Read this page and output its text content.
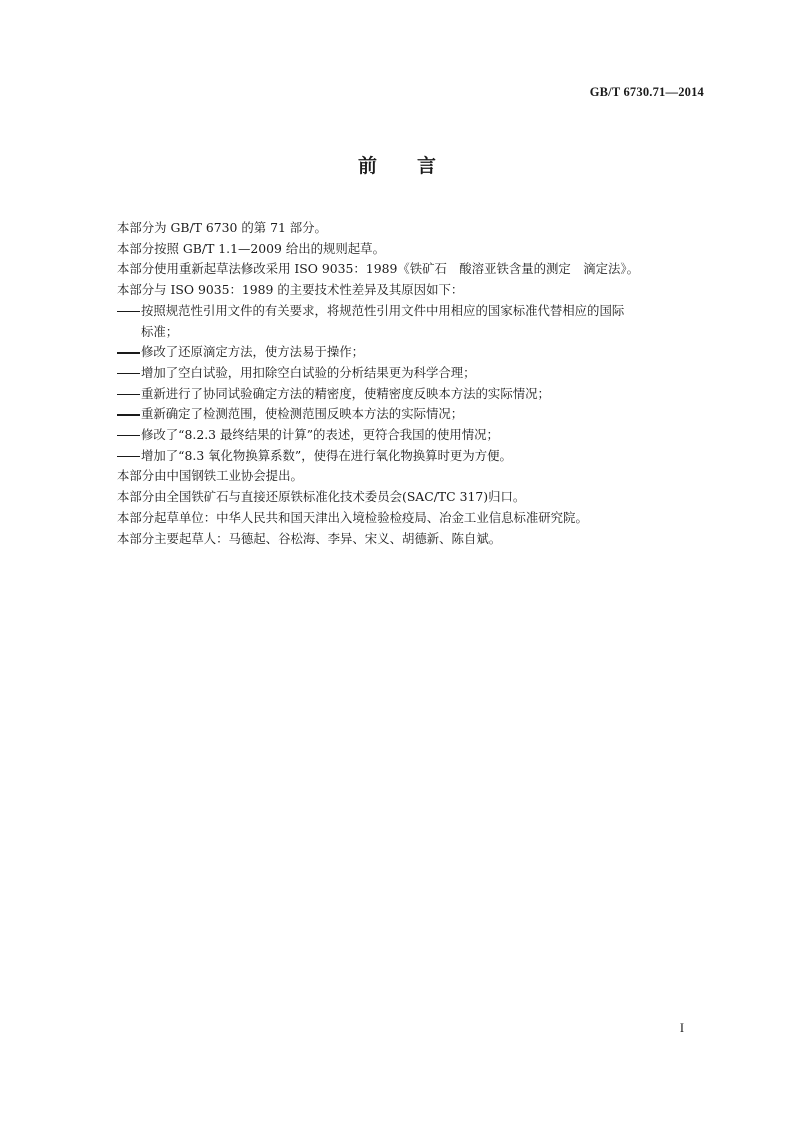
GB/T 6730.71—2014
前 言
本部分为 GB/T 6730 的第 71 部分。
本部分按照 GB/T 1.1—2009 给出的规则起草。
本部分使用重新起草法修改采用 ISO 9035：1989《铁矿石　酸溶亚铁含量的测定　滴定法》。
本部分与 ISO 9035：1989 的主要技术性差异及其原因如下：
按照规范性引用文件的有关要求，将规范性引用文件中用相应的国家标准代替相应的国际
标准；
修改了还原滴定方法，使方法易于操作；
增加了空白试验，用扣除空白试验的分析结果更为科学合理；
重新进行了协同试验确定方法的精密度，使精密度反映本方法的实际情况；
重新确定了检测范围，使检测范围反映本方法的实际情况；
修改了“8.2.3 最终结果的计算”的表述，更符合我国的使用情况；
增加了“8.3 氧化物换算系数”，使得在进行氧化物换算时更为方便。
本部分由中国钢铁工业协会提出。
本部分由全国铁矿石与直接还原铁标准化技术委员会(SAC/TC 317)归口。
本部分起草单位：中华人民共和国天津出入境检验检疫局、冶金工业信息标准研究院。
本部分主要起草人：马德起、谷松海、李异、宋义、胡德新、陈自斌。
I
